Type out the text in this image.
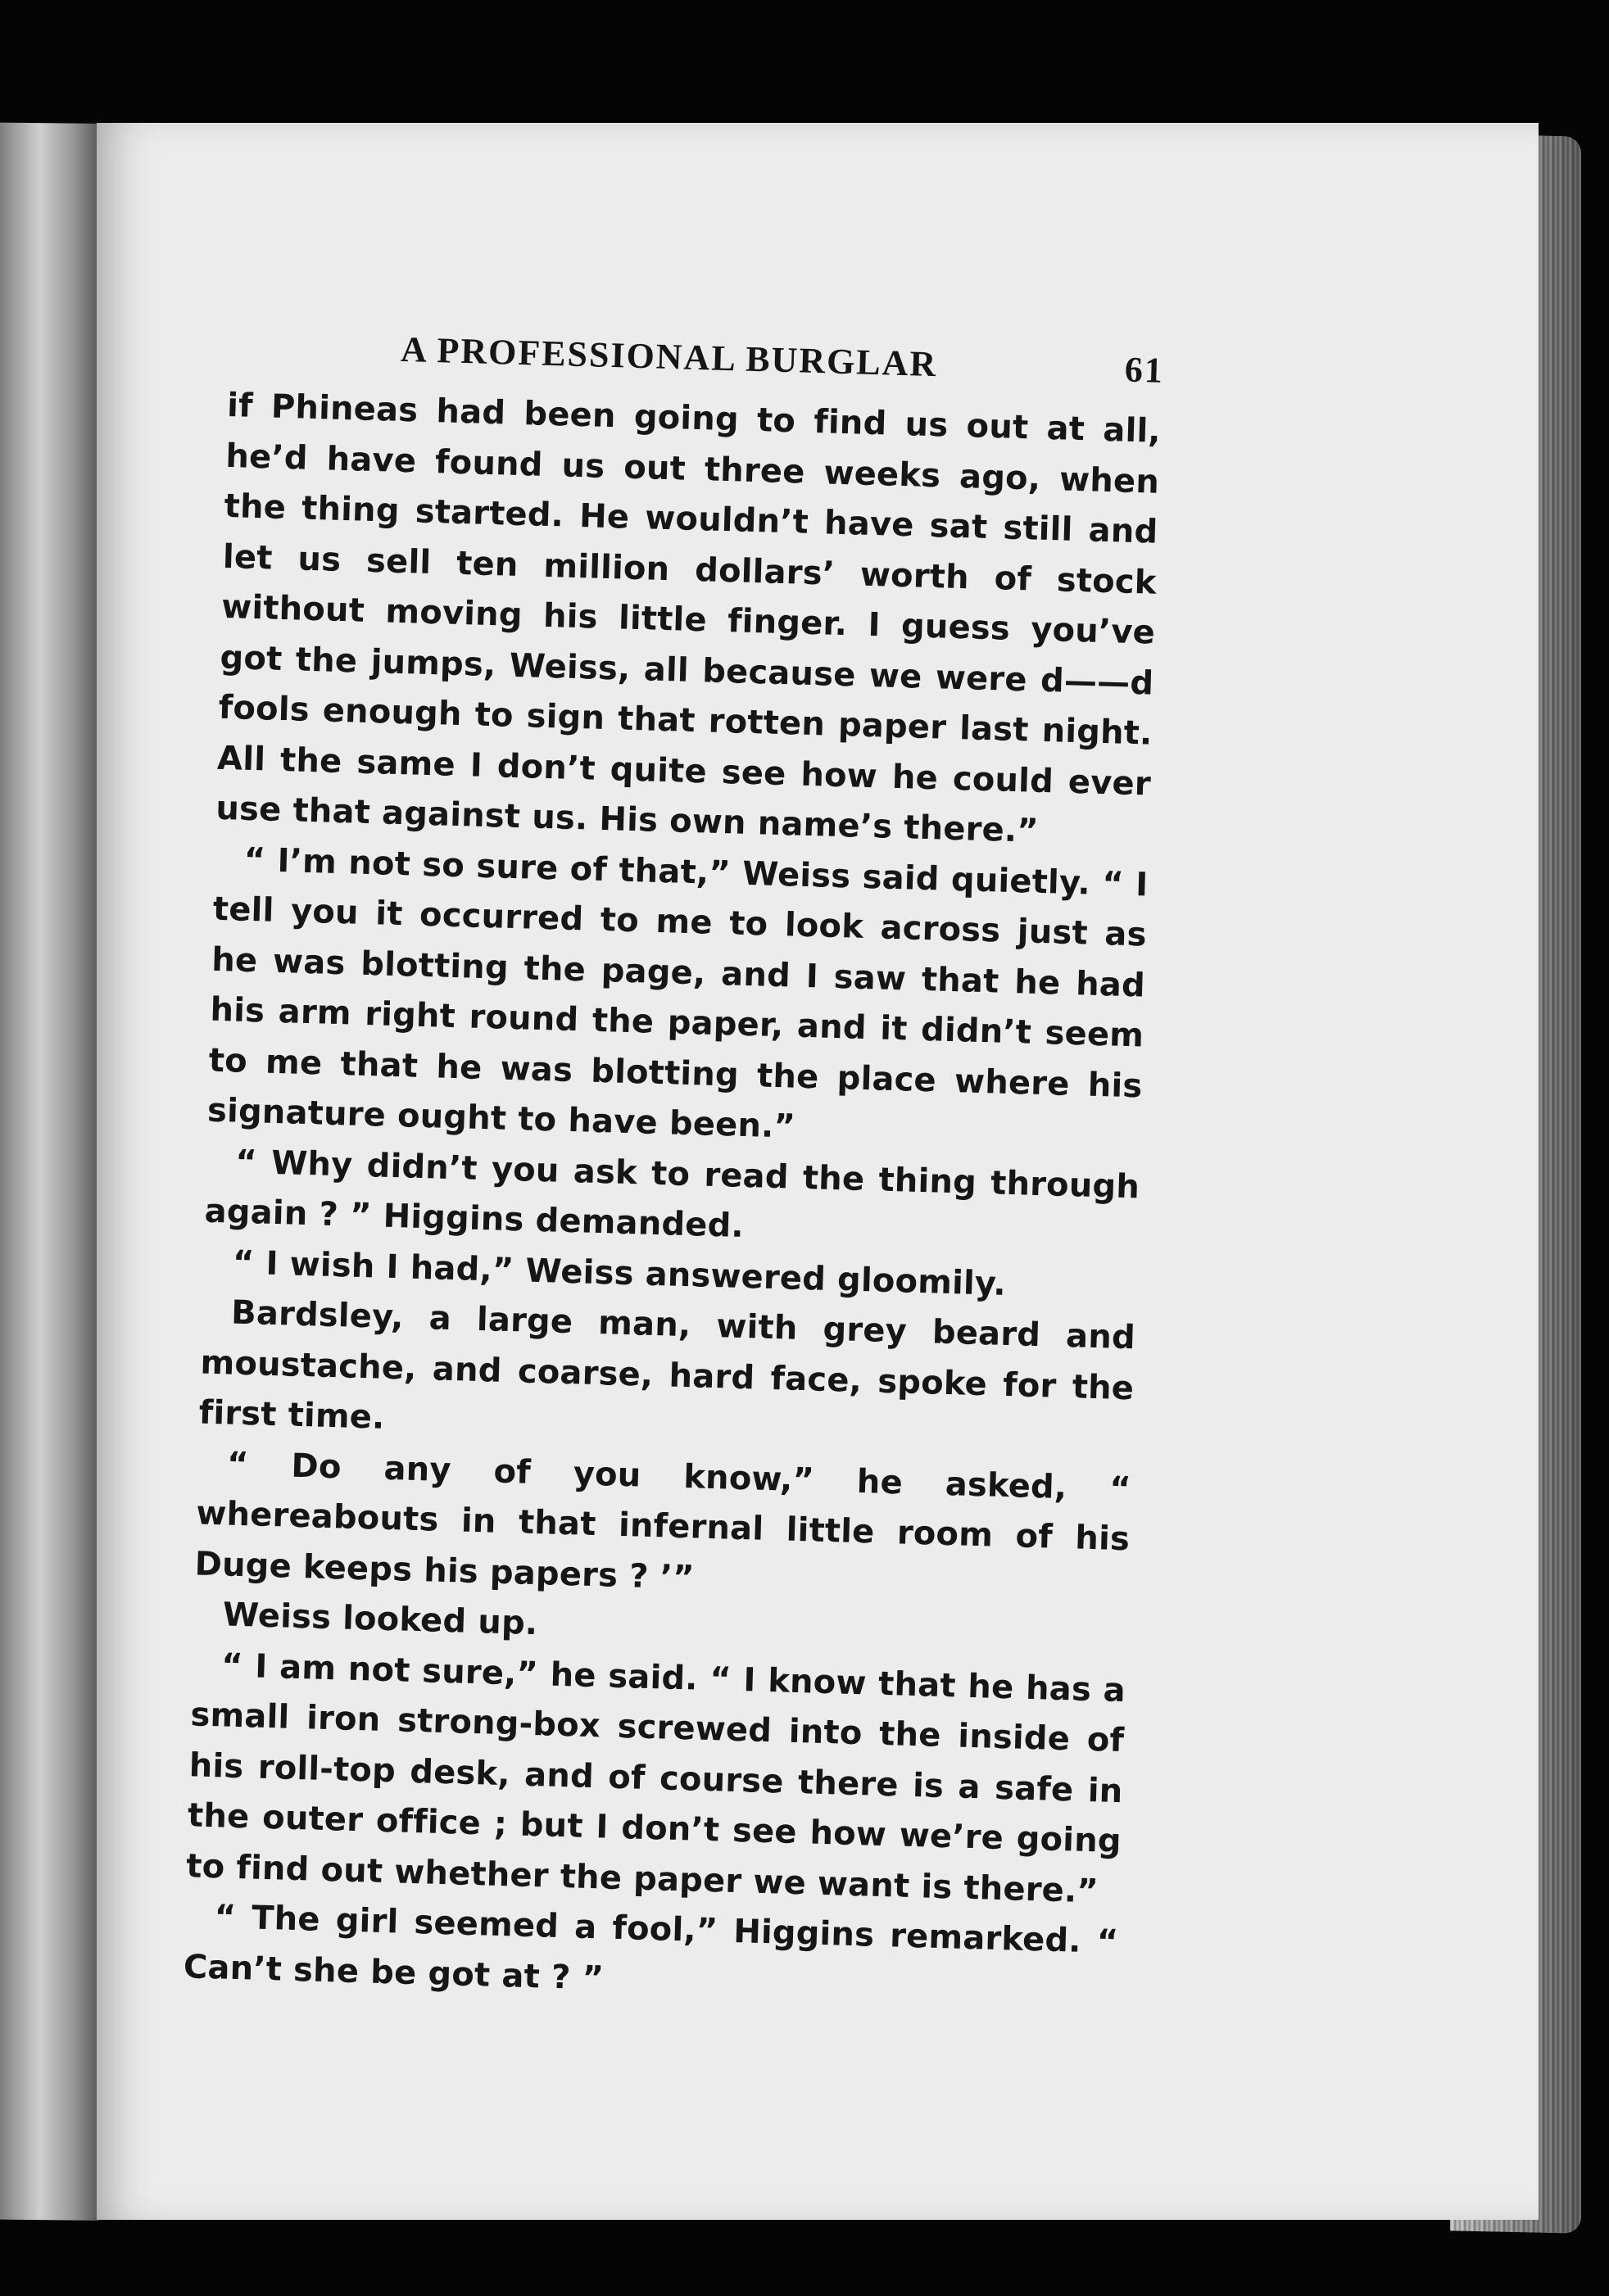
A PROFESSIONAL BURGLAR	61

if Phineas had been going to find us out at all, he’d have found us out three weeks ago, when the thing started. He wouldn’t have sat still and let us sell ten million dollars’ worth of stock without moving his little finger. I guess you’ve got the jumps, Weiss, all because we were d——d fools enough to sign that rotten paper last night. All the same I don’t quite see how he could ever use that against us. His own name’s there.”

“ I’m not so sure of that,” Weiss said quietly. “ I tell you it occurred to me to look across just as he was blotting the page, and I saw that he had his arm right round the paper, and it didn’t seem to me that he was blotting the place where his signature ought to have been.”

“ Why didn’t you ask to read the thing through again ? ” Higgins demanded.

“ I wish I had,” Weiss answered gloomily.

Bardsley, a large man, with grey beard and moustache, and coarse, hard face, spoke for the first time.

“ Do any of you know,” he asked, “ whereabouts in that infernal little room of his Duge keeps his papers ? ’”

Weiss looked up.

“ I am not sure,” he said. “ I know that he has a small iron strong-box screwed into the inside of his roll-top desk, and of course there is a safe in the outer office ; but I don’t see how we’re going to find out whether the paper we want is there.”

“ The girl seemed a fool,” Higgins remarked. “ Can’t she be got at ? ”
